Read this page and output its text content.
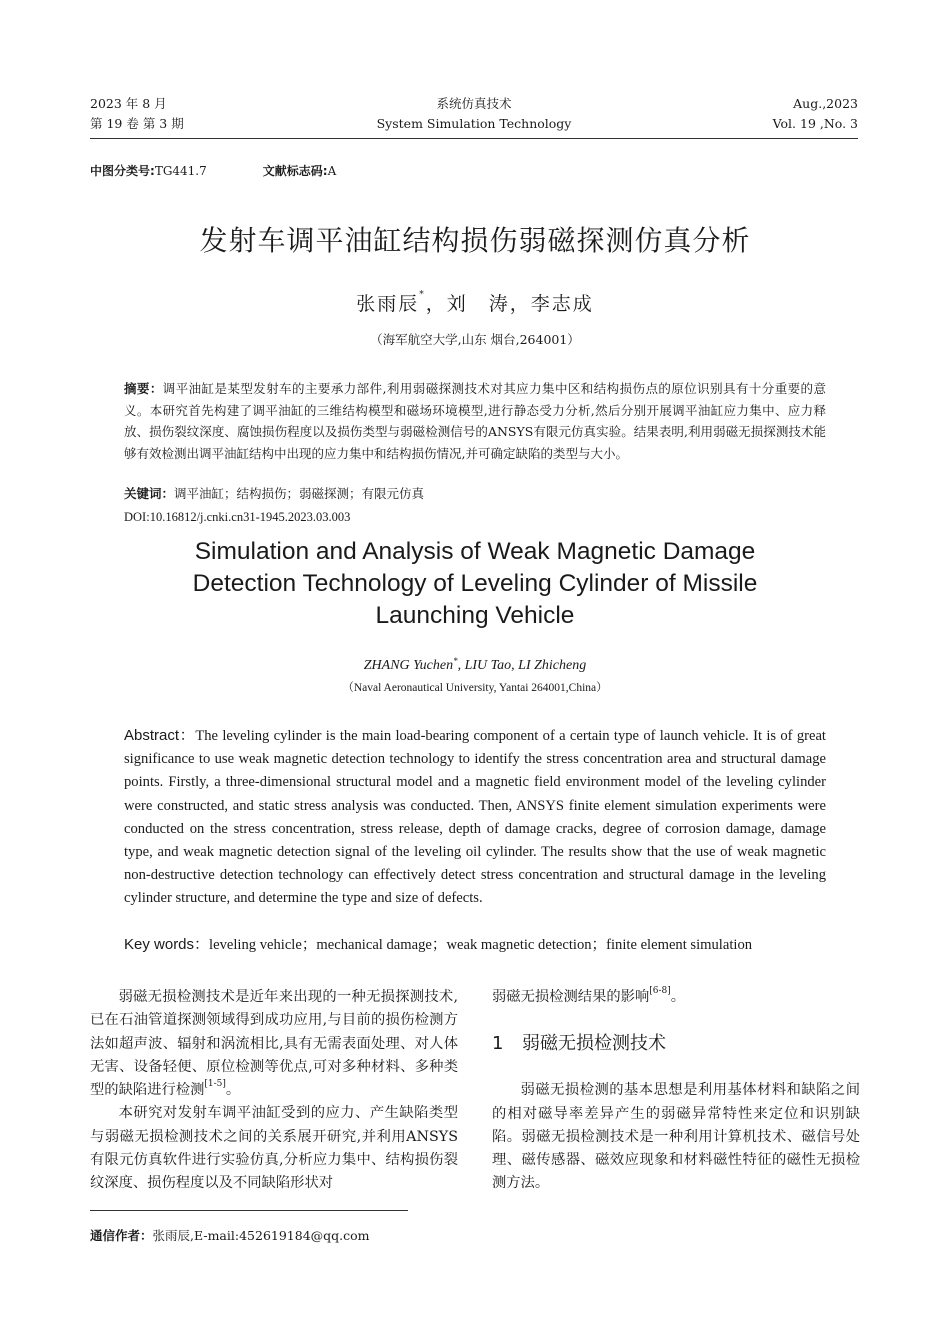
2023 年 8 月
第 19 卷 第 3 期
系统仿真技术
System Simulation Technology
Aug.,2023
Vol. 19 ,No. 3
中图分类号:TG441.7	文献标志码:A
发射车调平油缸结构损伤弱磁探测仿真分析
张雨辰*，刘　涛，李志成
（海军航空大学,山东 烟台,264001）
摘要：调平油缸是某型发射车的主要承力部件,利用弱磁探测技术对其应力集中区和结构损伤点的原位识别具有十分重要的意义。本研究首先构建了调平油缸的三维结构模型和磁场环境模型,进行静态受力分析,然后分别开展调平油缸应力集中、应力释放、损伤裂纹深度、腐蚀损伤程度以及损伤类型与弱磁检测信号的ANSYS有限元仿真实验。结果表明,利用弱磁无损探测技术能够有效检测出调平油缸结构中出现的应力集中和结构损伤情况,并可确定缺陷的类型与大小。
关键词：调平油缸；结构损伤；弱磁探测；有限元仿真
DOI:10.16812/j.cnki.cn31-1945.2023.03.003
Simulation and Analysis of Weak Magnetic Damage
Detection Technology of Leveling Cylinder of Missile
Launching Vehicle
ZHANG Yuchen*, LIU Tao, LI Zhicheng
（Naval Aeronautical University, Yantai 264001,China）
Abstract：The leveling cylinder is the main load-bearing component of a certain type of launch vehicle. It is of great significance to use weak magnetic detection technology to identify the stress concentration area and structural damage points. Firstly, a three-dimensional structural model and a magnetic field environment model of the leveling cylinder were constructed, and static stress analysis was conducted. Then, ANSYS finite element simulation experiments were conducted on the stress concentration, stress release, depth of damage cracks, degree of corrosion damage, damage type, and weak magnetic detection signal of the leveling oil cylinder. The results show that the use of weak magnetic non-destructive detection technology can effectively detect stress concentration and structural damage in the leveling cylinder structure, and determine the type and size of defects.
Key words：leveling vehicle；mechanical damage；weak magnetic detection；finite element simulation

弱磁无损检测技术是近年来出现的一种无损探测技术,已在石油管道探测领域得到成功应用,与目前的损伤检测方法如超声波、辐射和涡流相比,具有无需表面处理、对人体无害、设备轻便、原位检测等优点,可对多种材料、多种类型的缺陷进行检测[1-5]。

本研究对发射车调平油缸受到的应力、产生缺陷类型与弱磁无损检测技术之间的关系展开研究,并利用ANSYS有限元仿真软件进行实验仿真,分析应力集中、结构损伤裂纹深度、损伤程度以及不同缺陷形状对

弱磁无损检测结果的影响[6-8]。

1 弱磁无损检测技术

弱磁无损检测的基本思想是利用基体材料和缺陷之间的相对磁导率差异产生的弱磁异常特性来定位和识别缺陷。弱磁无损检测技术是一种利用计算机技术、磁信号处理、磁传感器、磁效应现象和材料磁性特征的磁性无损检测方法。

通信作者：张雨辰,E-mail:452619184@qq.com
